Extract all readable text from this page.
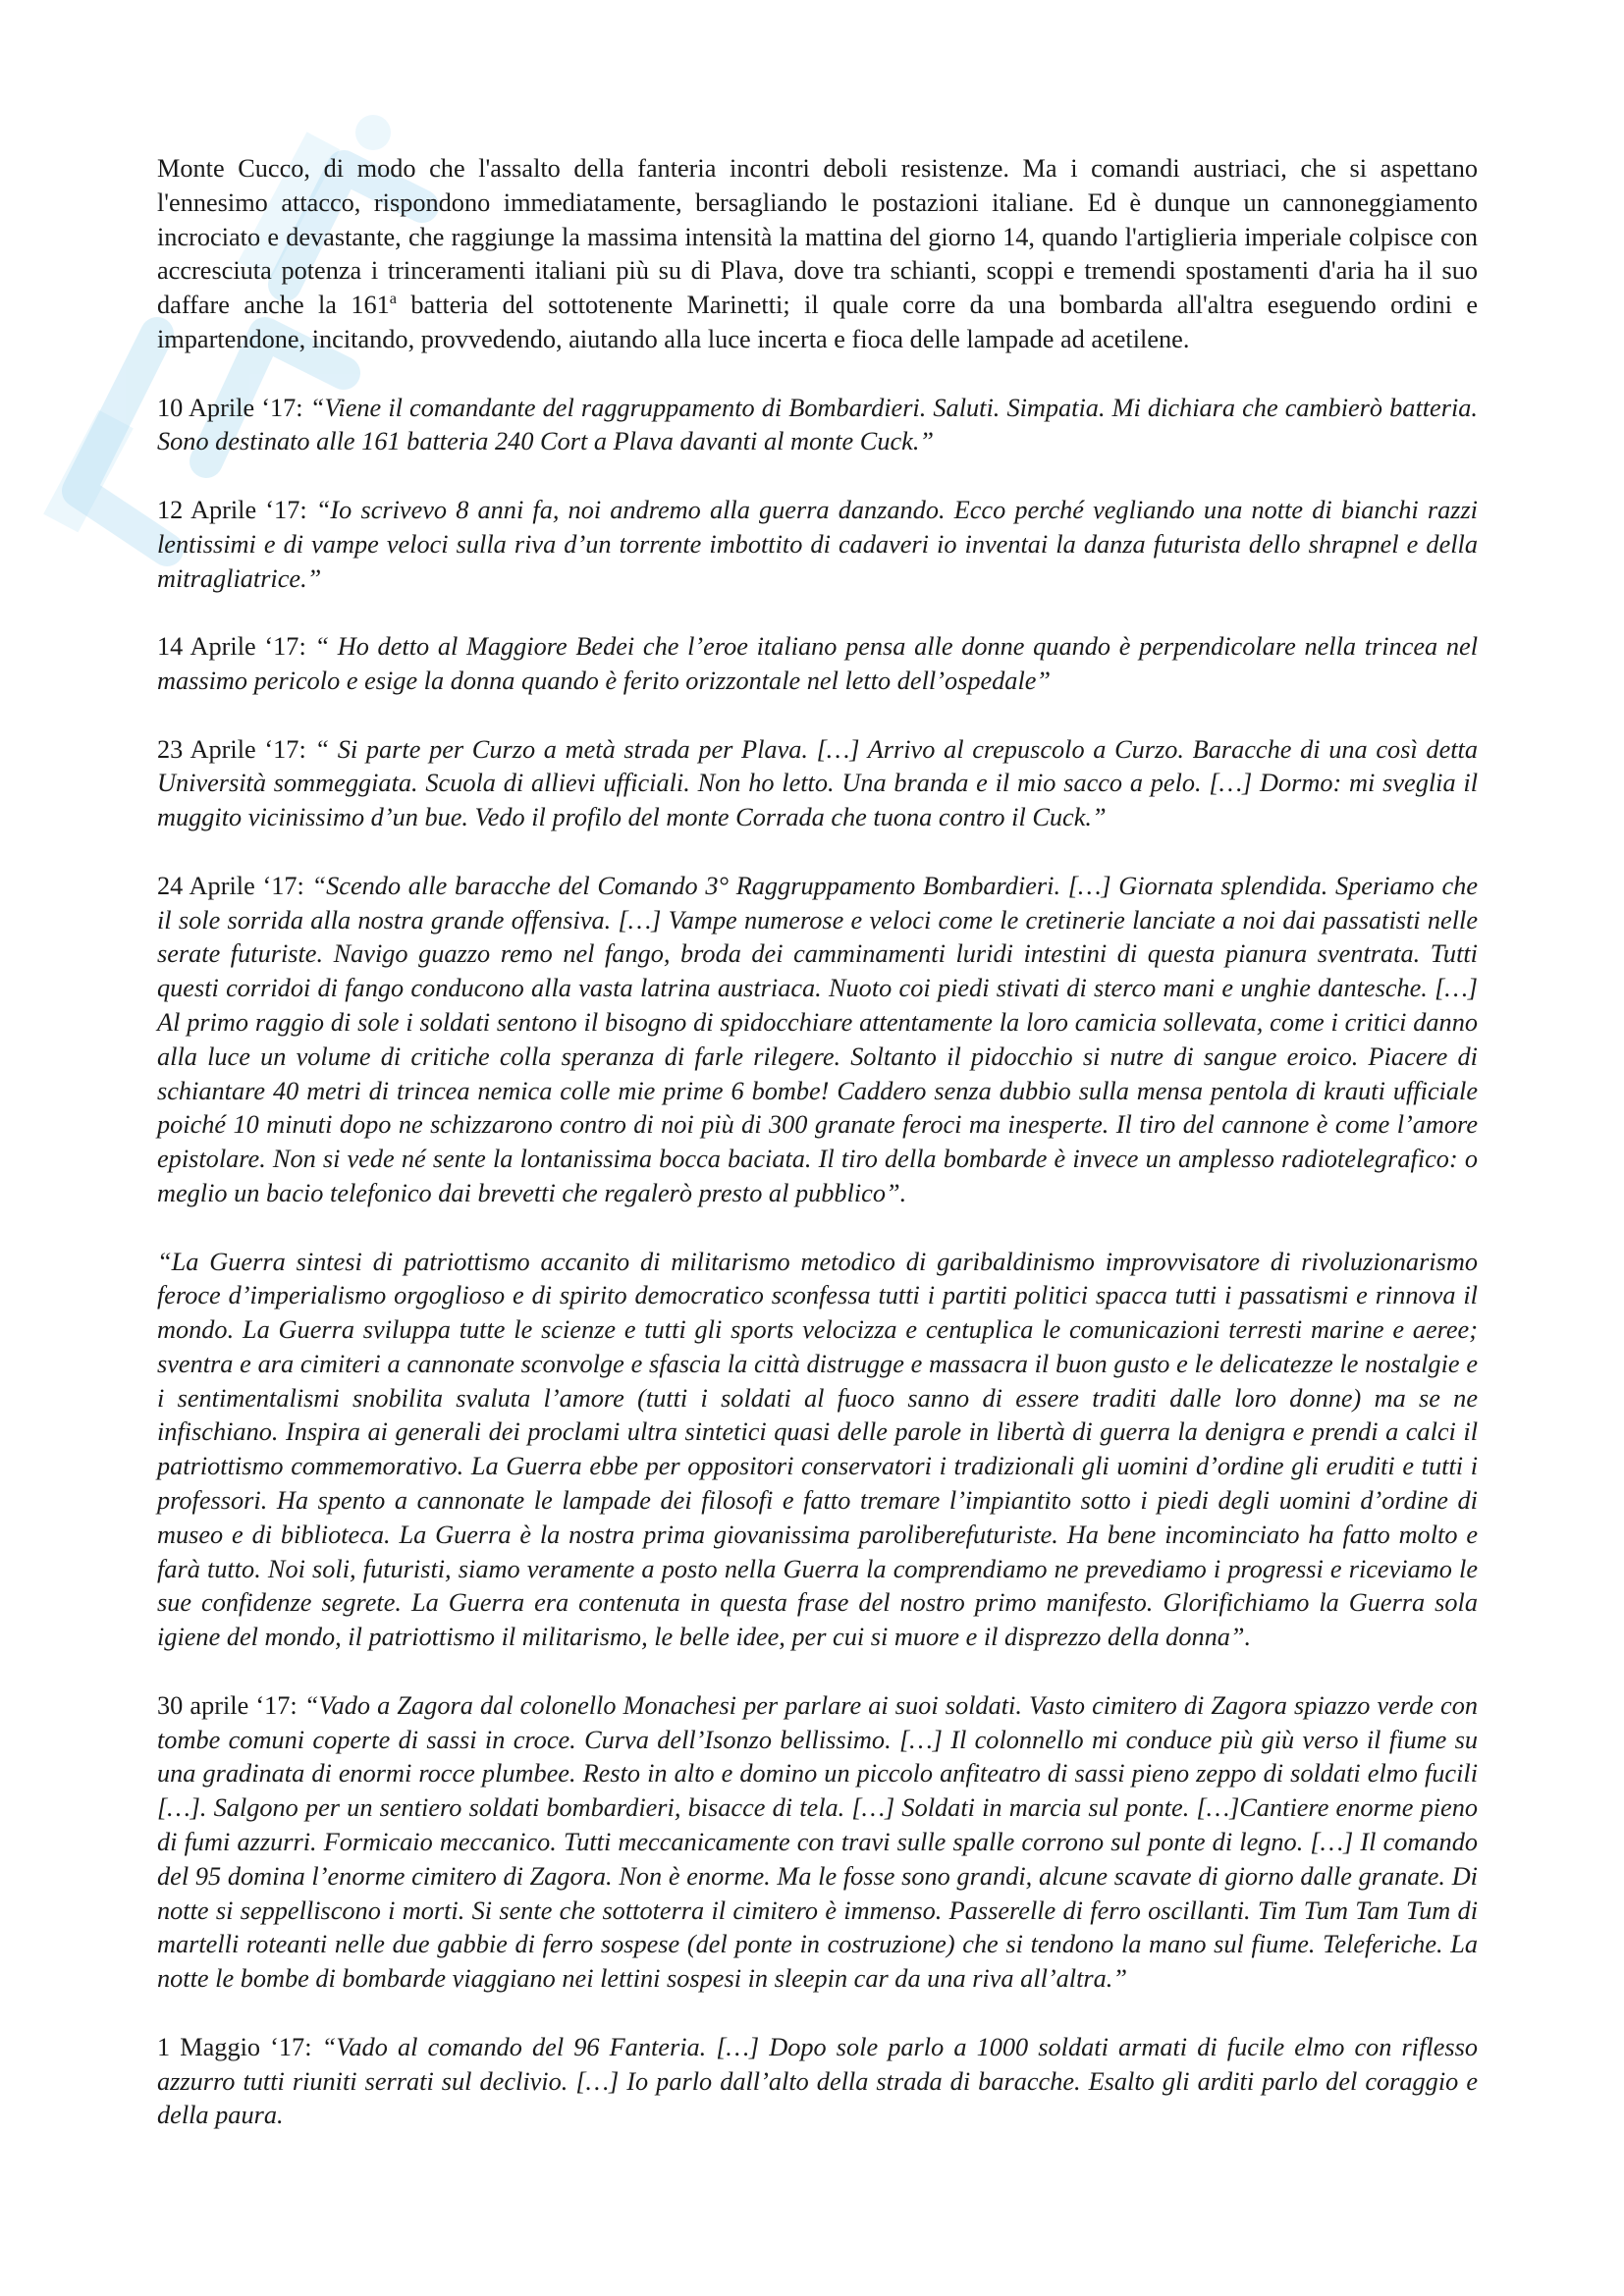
Monte Cucco, di modo che l'assalto della fanteria incontri deboli resistenze. Ma i comandi austriaci, che si aspettano l'ennesimo attacco, rispondono immediatamente, bersagliando le postazioni italiane. Ed è dunque un cannoneggiamento incrociato e devastante, che raggiunge la massima intensità la mattina del giorno 14, quando l'artiglieria imperiale colpisce con accresciuta potenza i trinceramenti italiani più su di Plava, dove tra schianti, scoppi e tremendi spostamenti d'aria ha il suo daffare anche la 161$^a$ batteria del sottotenente Marinetti; il quale corre da una bombarda all'altra eseguendo ordini e impartendone, incitando, provvedendo, aiutando alla luce incerta e fioca delle lampade ad acetilene.

10 Aprile ‘17: “Viene il comandante del raggruppamento di Bombardieri. Saluti. Simpatia. Mi dichiara che cambierò batteria. Sono destinato alle 161 batteria 240 Cort a Plava davanti al monte Cuck.”

12 Aprile ‘17: “Io scrivevo 8 anni fa, noi andremo alla guerra danzando. Ecco perché vegliando una notte di bianchi razzi lentissimi e di vampe veloci sulla riva d’un torrente imbottito di cadaveri io inventai la danza futurista dello shrapnel e della mitragliatrice.”

14 Aprile ‘17: “ Ho detto al Maggiore Bedei che l’eroe italiano pensa alle donne quando è perpendicolare nella trincea nel massimo pericolo e esige la donna quando è ferito orizzontale nel letto dell’ospedale”

23 Aprile ‘17: “ Si parte per Curzo a metà strada per Plava. […] Arrivo al crepuscolo a Curzo. Baracche di una così detta Università sommeggiata. Scuola di allievi ufficiali. Non ho letto. Una branda e il mio sacco a pelo. […] Dormo: mi sveglia il muggito vicinissimo d’un bue. Vedo il profilo del monte Corrada che tuona contro il Cuck.”

24 Aprile ‘17: “Scendo alle baracche del Comando 3° Raggruppamento Bombardieri. […] Giornata splendida. Speriamo che il sole sorrida alla nostra grande offensiva. […] Vampe numerose e veloci come le cretinerie lanciate a noi dai passatisti nelle serate futuriste. Navigo guazzo remo nel fango, broda dei camminamenti luridi intestini di questa pianura sventrata. Tutti questi corridoi di fango conducono alla vasta latrina austriaca. Nuoto coi piedi stivati di sterco mani e unghie dantesche. […] Al primo raggio di sole i soldati sentono il bisogno di spidocchiare attentamente la loro camicia sollevata, come i critici danno alla luce un volume di critiche colla speranza di farle rilegere. Soltanto il pidocchio si nutre di sangue eroico. Piacere di schiantare 40 metri di trincea nemica colle mie prime 6 bombe! Caddero senza dubbio sulla mensa pentola di krauti ufficiale poiché 10 minuti dopo ne schizzarono contro di noi più di 300 granate feroci ma inesperte. Il tiro del cannone è come l’amore epistolare. Non si vede né sente la lontanissima bocca baciata. Il tiro della bombarde è invece un amplesso radiotelegrafico: o meglio un bacio telefonico dai brevetti che regalerò presto al pubblico”.

“La Guerra sintesi di patriottismo accanito di militarismo metodico di garibaldinismo improvvisatore di rivoluzionarismo feroce d’imperialismo orgoglioso e di spirito democratico sconfessa tutti i partiti politici spacca tutti i passatismi e rinnova il mondo. La Guerra sviluppa tutte le scienze e tutti gli sports velocizza e centuplica le comunicazioni terresti marine e aeree; sventra e ara cimiteri a cannonate sconvolge e sfascia la città distrugge e massacra il buon gusto e le delicatezze le nostalgie e i sentimentalismi snobilita svaluta l’amore (tutti i soldati al fuoco sanno di essere traditi dalle loro donne) ma se ne infischiano. Inspira ai generali dei proclami ultra sintetici quasi delle parole in libertà di guerra la denigra e prendi a calci il patriottismo commemorativo. La Guerra ebbe per oppositori conservatori i tradizionali gli uomini d’ordine gli eruditi e tutti i professori. Ha spento a cannonate le lampade dei filosofi e fatto tremare l’impiantito sotto i piedi degli uomini d’ordine di museo e di biblioteca. La Guerra è la nostra prima giovanissima paroliberefuturiste. Ha bene incominciato ha fatto molto e farà tutto. Noi soli, futuristi, siamo veramente a posto nella Guerra la comprendiamo ne prevediamo i progressi e riceviamo le sue confidenze segrete. La Guerra era contenuta in questa frase del nostro primo manifesto. Glorifichiamo la Guerra sola igiene del mondo, il patriottismo il militarismo, le belle idee, per cui si muore e il disprezzo della donna”.

30 aprile ‘17: “Vado a Zagora dal colonello Monachesi per parlare ai suoi soldati. Vasto cimitero di Zagora spiazzo verde con tombe comuni coperte di sassi in croce. Curva dell’Isonzo bellissimo. […] Il colonnello mi conduce più giù verso il fiume su una gradinata di enormi rocce plumbee. Resto in alto e domino un piccolo anfiteatro di sassi pieno zeppo di soldati elmo fucili […]. Salgono per un sentiero soldati bombardieri, bisacce di tela. […] Soldati in marcia sul ponte. […]Cantiere enorme pieno di fumi azzurri. Formicaio meccanico. Tutti meccanicamente con travi sulle spalle corrono sul ponte di legno. […] Il comando del 95 domina l’enorme cimitero di Zagora. Non è enorme. Ma le fosse sono grandi, alcune scavate di giorno dalle granate. Di notte si seppelliscono i morti. Si sente che sottoterra il cimitero è immenso. Passerelle di ferro oscillanti. Tim Tum Tam Tum di martelli roteanti nelle due gabbie di ferro sospese (del ponte in costruzione) che si tendono la mano sul fiume. Teleferiche. La notte le bombe di bombarde viaggiano nei lettini sospesi in sleepin car da una riva all’altra.”

1 Maggio ‘17: “Vado al comando del 96 Fanteria. […] Dopo sole parlo a 1000 soldati armati di fucile elmo con riflesso azzurro tutti riuniti serrati sul declivio. […] Io parlo dall’alto della strada di baracche. Esalto gli arditi parlo del coraggio e della paura.
